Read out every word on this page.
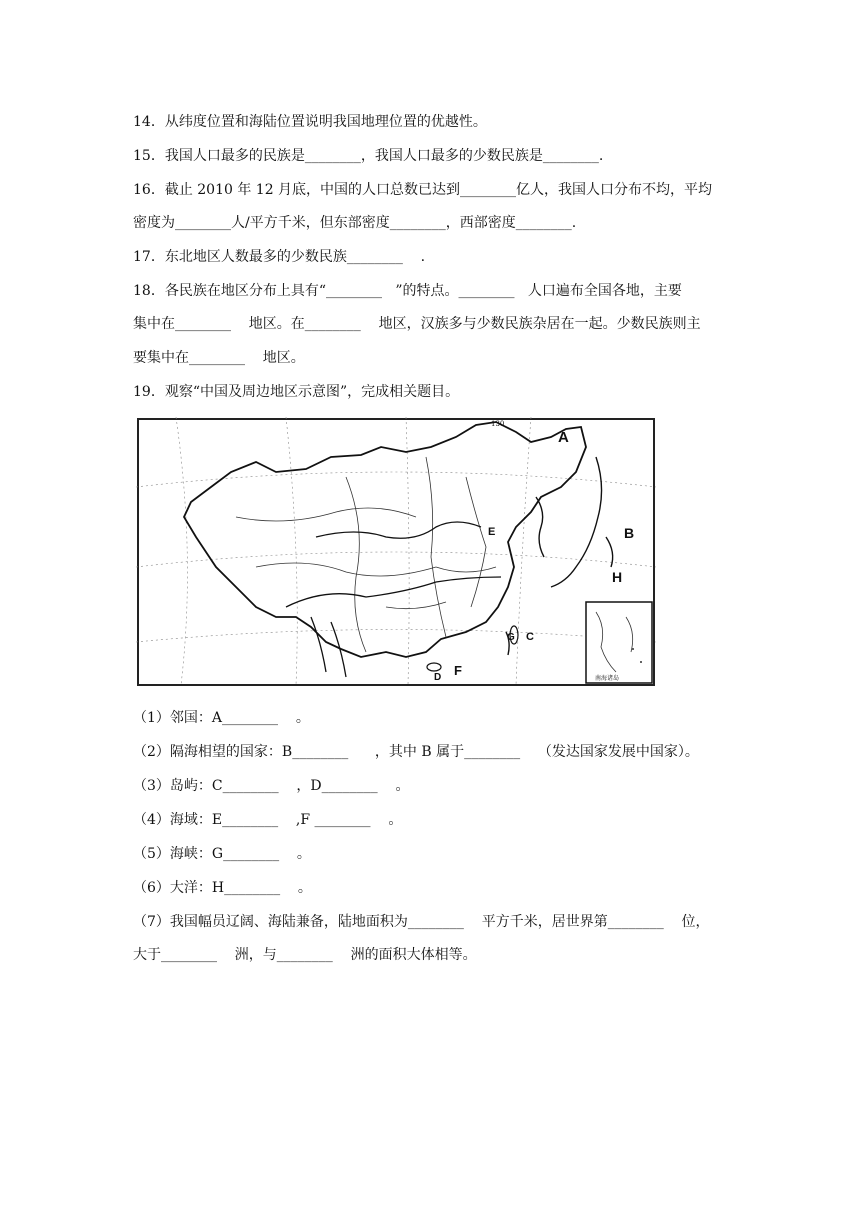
14．从纬度位置和海陆位置说明我国地理位置的优越性。
15．我国人口最多的民族是________，我国人口最多的少数民族是________.
16．截止 2010 年 12 月底，中国的人口总数已达到________亿人，我国人口分布不均，平均
密度为________人/平方千米，但东部密度________，西部密度________.
17．东北地区人数最多的少数民族________    .
18．各民族在地区分布上具有“________   ”的特点。________   人口遍布全国各地，主要
集中在________    地区。在________    地区，汉族多与少数民族杂居在一起。少数民族则主
要集中在________    地区。
19．观察“中国及周边地区示意图”，完成相关题目。
南海诸岛
130
A
B
E
H
C
G
F
D
（1）邻国：A________    。
（2）隔海相望的国家：B________      ，其中 B 属于________    （发达国家发展中国家）。
（3）岛屿：C________    ，D________    。
（4）海域：E________    ,F ________    。
（5）海峡：G________    。
（6）大洋：H________    。
（7）我国幅员辽阔、海陆兼备，陆地面积为________    平方千米，居世界第________    位，
大于________    洲，与________    洲的面积大体相等。
